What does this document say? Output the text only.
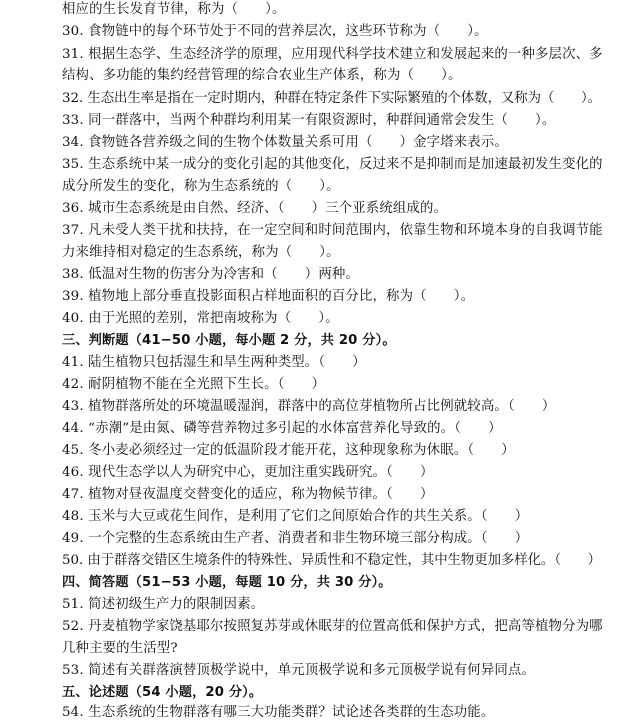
相应的生长发育节律，称为（　　）。
30. 食物链中的每个环节处于不同的营养层次，这些环节称为（　　）。
31. 根据生态学、生态经济学的原理，应用现代科学技术建立和发展起来的一种多层次、多
结构、多功能的集约经营管理的综合农业生产体系，称为（　　）。
32. 生态出生率是指在一定时期内，种群在特定条件下实际繁殖的个体数，又称为（　　）。
33. 同一群落中，当两个种群均利用某一有限资源时，种群间通常会发生（　　）。
34. 食物链各营养级之间的生物个体数量关系可用（　　）金字塔来表示。
35. 生态系统中某一成分的变化引起的其他变化，反过来不是抑制而是加速最初发生变化的
成分所发生的变化，称为生态系统的（　　）。
36. 城市生态系统是由自然、经济、（　　）三个亚系统组成的。
37. 凡未受人类干扰和扶持，在一定空间和时间范围内，依靠生物和环境本身的自我调节能
力来维持相对稳定的生态系统，称为（　　）。
38. 低温对生物的伤害分为冷害和（　　）两种。
39. 植物地上部分垂直投影面积占样地面积的百分比，称为（　　）。
40. 由于光照的差别，常把南坡称为（　　）。
三、判断题（41−50 小题，每小题 2 分，共 20 分）。
41. 陆生植物只包括湿生和旱生两种类型。（　　）
42. 耐阴植物不能在全光照下生长。（　　）
43. 植物群落所处的环境温暖湿润，群落中的高位芽植物所占比例就较高。（　　）
44. “赤潮”是由氮、磷等营养物过多引起的水体富营养化导致的。（　　）
45. 冬小麦必须经过一定的低温阶段才能开花，这种现象称为休眠。（　　）
46. 现代生态学以人为研究中心，更加注重实践研究。（　　）
47. 植物对昼夜温度交替变化的适应，称为物候节律。（　　）
48. 玉米与大豆或花生间作，是利用了它们之间原始合作的共生关系。（　　）
49. 一个完整的生态系统由生产者、消费者和非生物环境三部分构成。（　　）
50. 由于群落交错区生境条件的特殊性、异质性和不稳定性，其中生物更加多样化。（　　）
四、简答题（51−53 小题，每题 10 分，共 30 分）。
51. 简述初级生产力的限制因素。
52. 丹麦植物学家饶基耶尔按照复苏芽或休眠芽的位置高低和保护方式，把高等植物分为哪
几种主要的生活型?
53. 简述有关群落演替顶极学说中，单元顶极学说和多元顶极学说有何异同点。
五、论述题（54 小题，20 分）。
54. 生态系统的生物群落有哪三大功能类群？试论述各类群的生态功能。
